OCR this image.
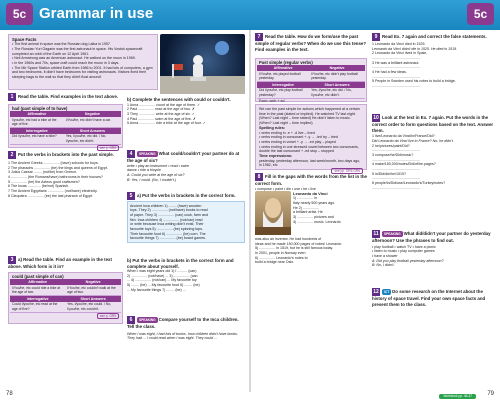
5c Grammar in use	5c
Space Facts
• The first animal in space was the Russian dog Laika in 1957.
• The Russian Yuri Gagarin was the first astronaut in space. His Vostok spacecraft completed an orbit of the Earth on 12 April 1961.
• Neil Armstrong was an American astronaut. He walked on the moon in 1969.
• In the 1960s and 70s, space craft could reach the moon in 3 days.
• The Mir Space Station orbited Earth from 1986 to 2001. It had lots of computers, a gym and two bedrooms. It didn't have bedrooms for visiting astronauts. Visitors fixed their sleeping bags to the wall so that they didn't float around!
1 Read the table. Find examples in the text above.
had (past simple of to have)
Affirmative	Negative
I/you/he, etc had a bike at the age of five.	I/You/he, etc didn't have a car.
Interrogative	Short Answers
Did I/you/he, etc have a bike?	Yes, I/you/he, etc did. / No, I/you/he, etc didn't.
see p. GR5
2 Put the verbs in brackets into the past simple.
1 The Ancient Greeks ................ (have) schools for boys.
2 The pharaohs ................ (be) the kings and queens of Egypt.
3 Julius Caesar ........ (not/be) from Greece.
4 ................ (the Romans/have) bathrooms in their houses?
5 ................ (be) the Aztecs good craftsmen?
6 The Incas ............. (be/not) Spanish.
7 The Ancient Egyptians ................ (not/have) electricity.
8 Cleopatra ................ (be) the last pharaoh of Egypt.
3 a) Read the table. Find an example in the text above. Which form is it in?
could (past simple of can)
Affirmative	Negative
I/You/he, etc could ride a bike at the age of two.	I/You/he, etc couldn't walk at the age of two.
Interrogative	Short Answers
Could I/you/he, etc read at the age of five?	Yes, I/you/he, etc could. / No, I/you/he, etc couldn't.
see p. GR5
b) Complete the sentences with could or couldn't.
1 Anna ................ count at the age of three. ✓
2 Paul ................ read at the age of two. ✗
3 They ................ write at the age of six. ✓
4 Paul ................ swim at the age of five. ✗
5 Anna ................ ride a bike at the age of four. ✓
4 SPEAKING What could/couldn't your partner do at the age of six?
write • play an instrument • read • swim
dance • ride a bicycle
A: Could you write at the age of six?
B: Yes, I could. (No, I couldn't.)
5 a) Put the verbs in brackets in the correct form.
Ancient Inca children 1) ........ (have) wooden
toys. They 2) ................ (not/have) books to read
of paper. They 3) ................ (can) cook, farm and
fish. Inca children 4) ................ (not/can) read
or write because Inca writing didn't exist. Their
favourite toys 5) ................ (be) spinning tops.
Their favourite food 6) ................ (be) corn. The
favourite things 7) ................ (be) board games.
b) Put the verbs in brackets in the correct form and complete about yourself.
When I was eight years old 1) I .......... (can)
2) ................ (not/have) ... 3) ................ (can
... 4) ................ (not/can) ... My favourite toy
5) ........ (be) ... My favourite food 6) ........ (be)
... My favourite things 7) ........ (be) ...
6 SPEAKING Compare yourself to the Inca children. Tell the class.
When I was eight, I had lots of books. Inca children didn't have books. They had ... I could read when I was eight. They could ...
78
7 Read the table. How do we form/use the past simple of regular verbs? When do we use this tense? Find examples in the text.
Past simple (regular verbs)
Affirmative	Negative
I/You/he, etc played football yesterday.	I/You/he, etc didn't play football yesterday.
Interrogative	Short Answers
Did I/you/he, etc play football yesterday?	Yes, I/you/he, etc did. / No, I/you/he, etc didn't.
Form: verb + ed
We use the past simple for actions which happened at a certain time in the past (stated or implied). He watched TV last night. (When? Last night – time stated) He didn't listen to music. (When? Last night – time implied)
Spelling rules:
• verbs ending in -e + -d live – lived
• verbs ending in consonant + -y → -ied try – tried
• verbs ending in vowel + -y → -ed play – played
• verbs ending in one stressed vowel between two consonants, double the last consonant + -ed stop – stopped
Time expressions:
yesterday, yesterday afternoon, last week/month, two days ago, in 1982, etc
see pp. GR5-GR6
8 Fill in the gaps with the words from the list in the correct form.
• compose • paint • die • use • be • live
Leonardo da Vinci
1) ................ in
Italy nearly 500 years ago.
He 2) ................
a brilliant artist. He
3) ................ pictures and
4) ................ music. Leonardo
was also an inventor. He had hundreds of
ideas and he made 150,000 pages of notes! Leonardo
5) ................ in 1519, but he is still famous today.
In 2001, people in Norway even
6) ................ Leonardo's notes to
build a bridge near Oslo.
9 Read Ex. 7 again and correct the false statements.
1 Leonardo da Vinci died in 1525.
Leonardo da Vinci didn't die in 1525. He died in 1519.
2 Leonardo da Vinci lived in Spain.
................................................
3 He was a brilliant astronaut.
................................................
4 He had a few ideas.
................................................
5 People in Sweden used his notes to build a bridge.
................................................
10 Look at the text in Ex. 7 again. Put the words in the correct order to form questions based on the text. Answer them.
1 live/Leonardo da Vinci/in/France/Did?
Did Leonardo da Vinci live in France? No, he didn't.
2 he/pictures/paint/Did?
................................................
3 compose/he/Did/music?
................................................
4 make/150,000/notes/Did/of/he.pages?
................................................
5 in/Did/die/he/1519?
................................................
6 people/in/Did/use/Leonardo's/Turkey/notes?
................................................
11 SPEAKING What did/didn't your partner do yesterday afternoon? Use the phrases to find out.
• play football • watch TV • have a picnic
• listen to music • play computer games
• have a shower
A: Did you play football yesterday afternoon?
B: No, I didn't.
12 ICT Do some research on the Internet about the history of space travel. Find your own space facts and present them to the class.
Workbook pp. 46-47	79
